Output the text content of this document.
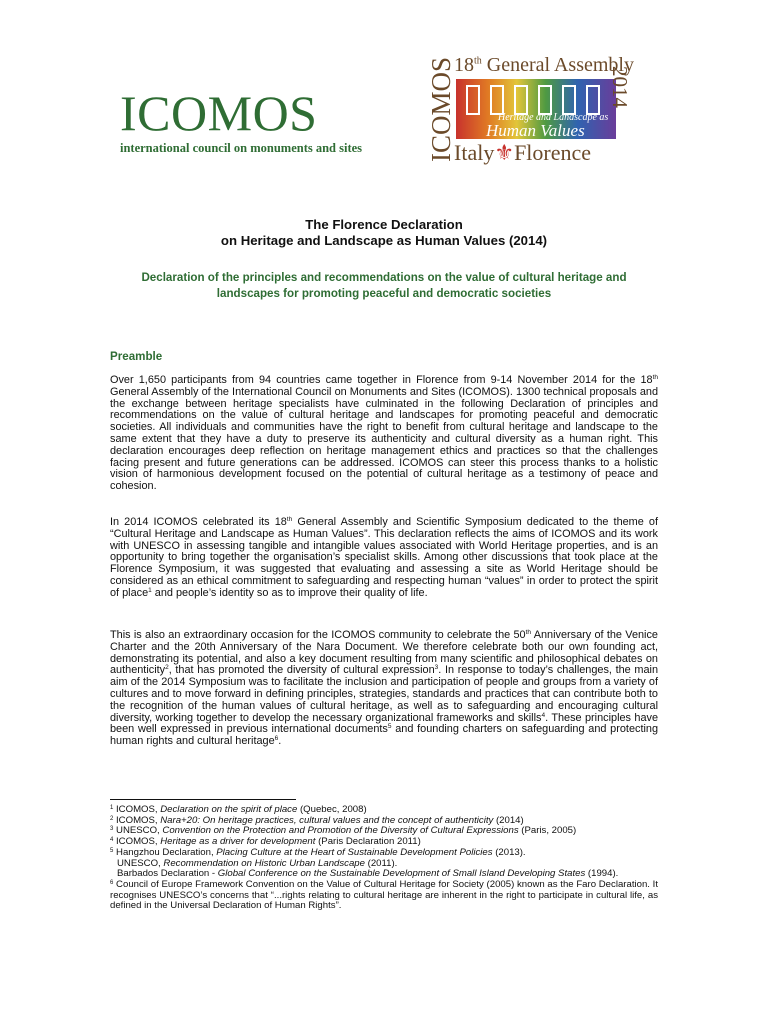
ICOMOS
international council on monuments and sites	ICOMOS
18th General Assembly
Heritage and Landscape as
Human Values
2014
Italy⚜Florence
The Florence Declaration
on Heritage and Landscape as Human Values (2014)
Declaration of the principles and recommendations on the value of cultural heritage and landscapes for promoting peaceful and democratic societies
Preamble
Over 1,650 participants from 94 countries came together in Florence from 9-14 November 2014 for the 18th General Assembly of the International Council on Monuments and Sites (ICOMOS). 1300 technical proposals and the exchange between heritage specialists have culminated in the following Declaration of principles and recommendations on the value of cultural heritage and landscapes for promoting peaceful and democratic societies. All individuals and communities have the right to benefit from cultural heritage and landscape to the same extent that they have a duty to preserve its authenticity and cultural diversity as a human right. This declaration encourages deep reflection on heritage management ethics and practices so that the challenges facing present and future generations can be addressed. ICOMOS can steer this process thanks to a holistic vision of harmonious development focused on the potential of cultural heritage as a testimony of peace and cohesion.
In 2014 ICOMOS celebrated its 18th General Assembly and Scientific Symposium dedicated to the theme of “Cultural Heritage and Landscape as Human Values”. This declaration reflects the aims of ICOMOS and its work with UNESCO in assessing tangible and intangible values associated with World Heritage properties, and is an opportunity to bring together the organisation’s specialist skills. Among other discussions that took place at the Florence Symposium, it was suggested that evaluating and assessing a site as World Heritage should be considered as an ethical commitment to safeguarding and respecting human “values” in order to protect the spirit of place$^1$ and people’s identity so as to improve their quality of life.
This is also an extraordinary occasion for the ICOMOS community to celebrate the 50th Anniversary of the Venice Charter and the 20th Anniversary of the Nara Document. We therefore celebrate both our own founding act, demonstrating its potential, and also a key document resulting from many scientific and philosophical debates on authenticity$^2$, that has promoted the diversity of cultural expression$^3$. In response to today’s challenges, the main aim of the 2014 Symposium was to facilitate the inclusion and participation of people and groups from a variety of cultures and to move forward in defining principles, strategies, standards and practices that can contribute both to the recognition of the human values of cultural heritage, as well as to safeguarding and encouraging cultural diversity, working together to develop the necessary organizational frameworks and skills$^4$. These principles have been well expressed in previous international documents$^5$ and founding charters on safeguarding and protecting human rights and cultural heritage$^6$.
$^1$ ICOMOS, Declaration on the spirit of place (Quebec, 2008)
$^2$ ICOMOS, Nara+20: On heritage practices, cultural values and the concept of authenticity (2014)
$^3$ UNESCO, Convention on the Protection and Promotion of the Diversity of Cultural Expressions (Paris, 2005)
$^4$ ICOMOS, Heritage as a driver for development (Paris Declaration 2011)
$^5$ Hangzhou Declaration, Placing Culture at the Heart of Sustainable Development Policies (2013).
UNESCO, Recommendation on Historic Urban Landscape (2011).
Barbados Declaration - Global Conference on the Sustainable Development of Small Island Developing States (1994).
$^6$ Council of Europe Framework Convention on the Value of Cultural Heritage for Society (2005) known as the Faro Declaration. It recognises UNESCO’s concerns that “...rights relating to cultural heritage are inherent in the right to participate in cultural life, as defined in the Universal Declaration of Human Rights”.
